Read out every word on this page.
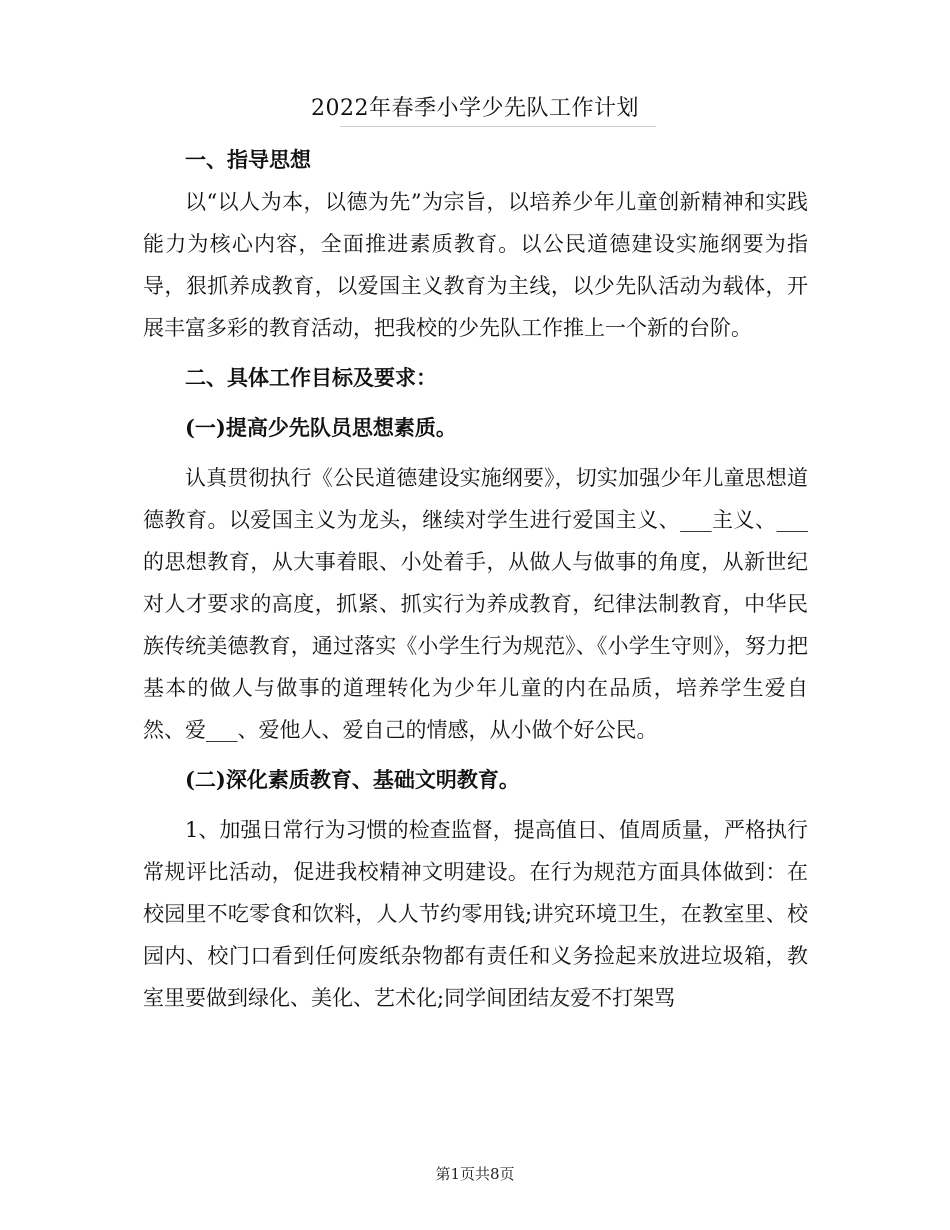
2022年春季小学少先队工作计划

一、指导思想

以“以人为本，以德为先”为宗旨，以培养少年儿童创新精神和实践能力为核心内容，全面推进素质教育。以公民道德建设实施纲要为指导，狠抓养成教育，以爱国主义教育为主线，以少先队活动为载体，开展丰富多彩的教育活动，把我校的少先队工作推上一个新的台阶。

二、具体工作目标及要求：

(一)提高少先队员思想素质。

认真贯彻执行《公民道德建设实施纲要》，切实加强少年儿童思想道德教育。以爱国主义为龙头，继续对学生进行爱国主义、___主义、___的思想教育，从大事着眼、小处着手，从做人与做事的角度，从新世纪对人才要求的高度，抓紧、抓实行为养成教育，纪律法制教育，中华民族传统美德教育，通过落实《小学生行为规范》、《小学生守则》，努力把基本的做人与做事的道理转化为少年儿童的内在品质，培养学生爱自然、爱___、爱他人、爱自己的情感，从小做个好公民。

(二)深化素质教育、基础文明教育。

1、加强日常行为习惯的检查监督，提高值日、值周质量，严格执行常规评比活动，促进我校精神文明建设。在行为规范方面具体做到：在校园里不吃零食和饮料，人人节约零用钱;讲究环境卫生，在教室里、校园内、校门口看到任何废纸杂物都有责任和义务捡起来放进垃圾箱，教室里要做到绿化、美化、艺术化;同学间团结友爱不打架骂

第1页共8页
